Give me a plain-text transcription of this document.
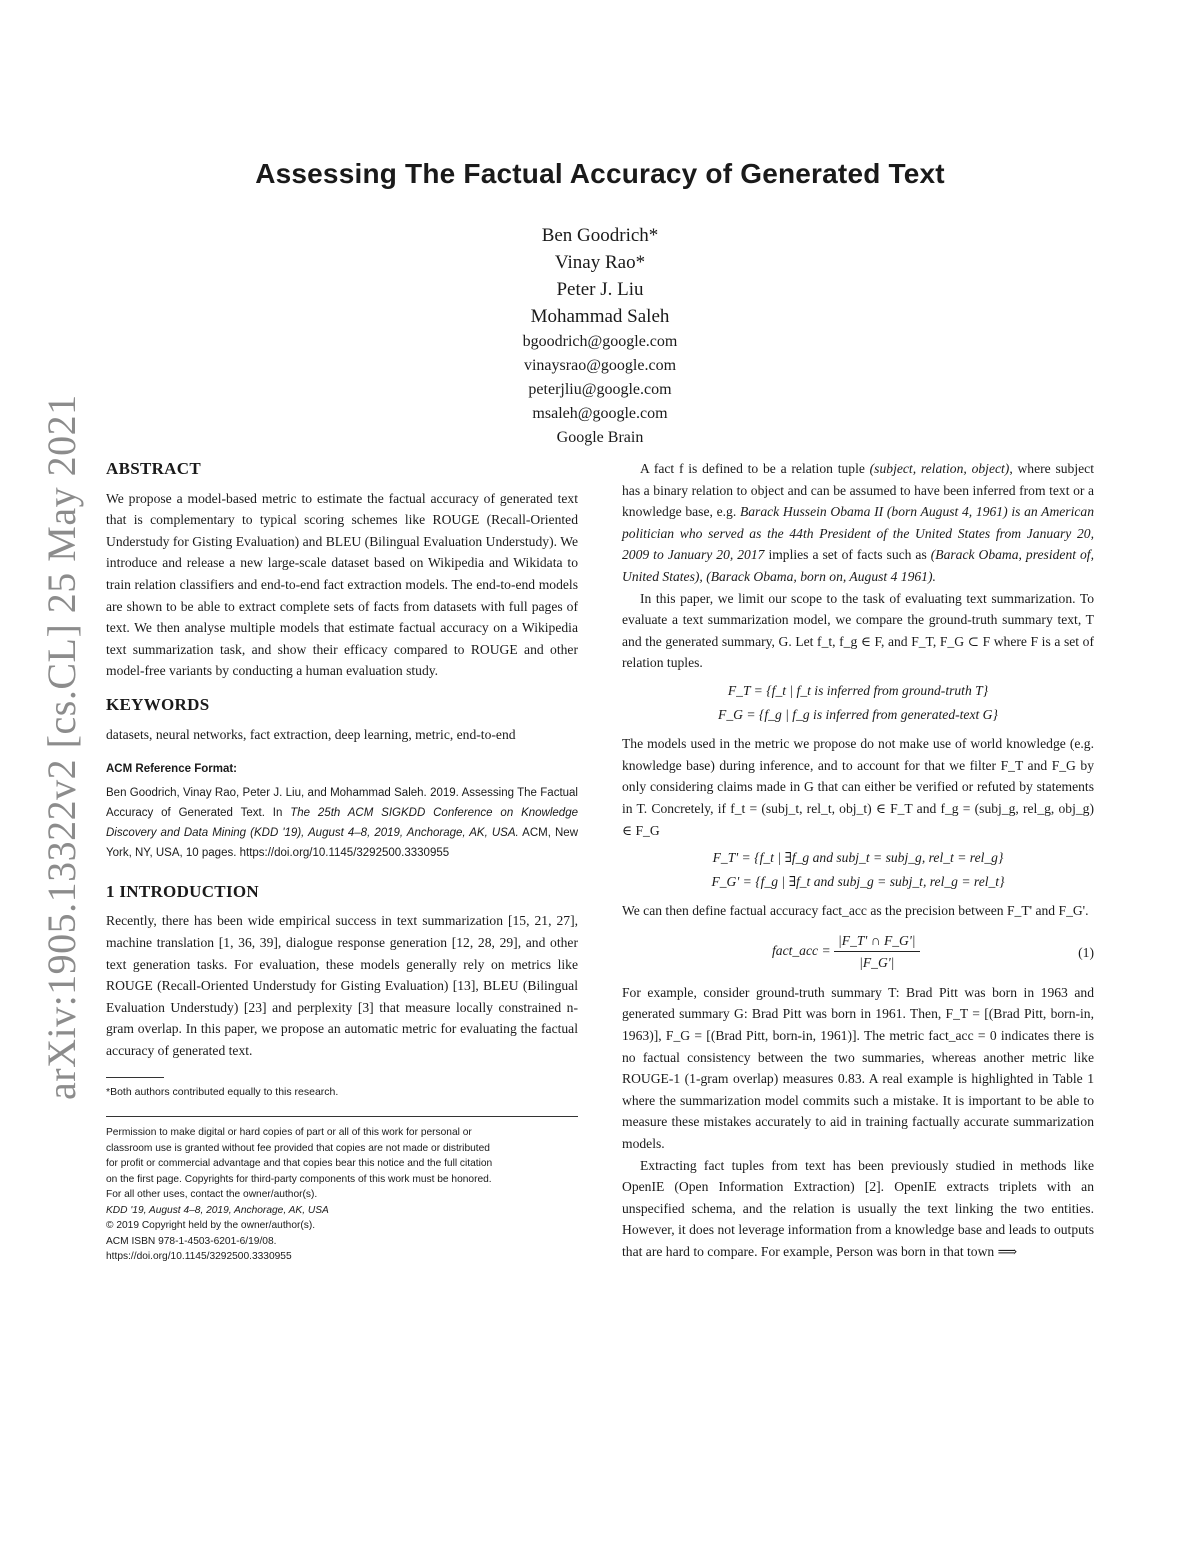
arXiv:1905.13322v2 [cs.CL] 25 May 2021
Assessing The Factual Accuracy of Generated Text
Ben Goodrich*
Vinay Rao*
Peter J. Liu
Mohammad Saleh
bgoodrich@google.com
vinaysrao@google.com
peterjliu@google.com
msaleh@google.com
Google Brain
ABSTRACT

We propose a model-based metric to estimate the factual accuracy of generated text that is complementary to typical scoring schemes like ROUGE (Recall-Oriented Understudy for Gisting Evaluation) and BLEU (Bilingual Evaluation Understudy). We introduce and release a new large-scale dataset based on Wikipedia and Wikidata to train relation classifiers and end-to-end fact extraction models. The end-to-end models are shown to be able to extract complete sets of facts from datasets with full pages of text. We then analyse multiple models that estimate factual accuracy on a Wikipedia text summarization task, and show their efficacy compared to ROUGE and other model-free variants by conducting a human evaluation study.

KEYWORDS

datasets, neural networks, fact extraction, deep learning, metric, end-to-end

ACM Reference Format:

Ben Goodrich, Vinay Rao, Peter J. Liu, and Mohammad Saleh. 2019. Assessing The Factual Accuracy of Generated Text. In The 25th ACM SIGKDD Conference on Knowledge Discovery and Data Mining (KDD '19), August 4–8, 2019, Anchorage, AK, USA. ACM, New York, NY, USA, 10 pages. https://doi.org/10.1145/3292500.3330955

1 INTRODUCTION

Recently, there has been wide empirical success in text summarization [15, 21, 27], machine translation [1, 36, 39], dialogue response generation [12, 28, 29], and other text generation tasks. For evaluation, these models generally rely on metrics like ROUGE (Recall-Oriented Understudy for Gisting Evaluation) [13], BLEU (Bilingual Evaluation Understudy) [23] and perplexity [3] that measure locally constrained n-gram overlap. In this paper, we propose an automatic metric for evaluating the factual accuracy of generated text.

*Both authors contributed equally to this research.
Permission to make digital or hard copies of part or all of this work for personal or
classroom use is granted without fee provided that copies are not made or distributed
for profit or commercial advantage and that copies bear this notice and the full citation
on the first page. Copyrights for third-party components of this work must be honored.
For all other uses, contact the owner/author(s).
KDD '19, August 4–8, 2019, Anchorage, AK, USA
© 2019 Copyright held by the owner/author(s).
ACM ISBN 978-1-4503-6201-6/19/08.
https://doi.org/10.1145/3292500.3330955

A fact f is defined to be a relation tuple (subject, relation, object), where subject has a binary relation to object and can be assumed to have been inferred from text or a knowledge base, e.g. Barack Hussein Obama II (born August 4, 1961) is an American politician who served as the 44th President of the United States from January 20, 2009 to January 20, 2017 implies a set of facts such as (Barack Obama, president of, United States), (Barack Obama, born on, August 4 1961).

In this paper, we limit our scope to the task of evaluating text summarization. To evaluate a text summarization model, we compare the ground-truth summary text, T and the generated summary, G. Let f_t, f_g ∈ F, and F_T, F_G ⊂ F where F is a set of relation tuples.

F_T = {f_t | f_t is inferred from ground-truth T}
F_G = {f_g | f_g is inferred from generated-text G}

The models used in the metric we propose do not make use of world knowledge (e.g. knowledge base) during inference, and to account for that we filter F_T and F_G by only considering claims made in G that can either be verified or refuted by statements in T. Concretely, if f_t = (subj_t, rel_t, obj_t) ∈ F_T and f_g = (subj_g, rel_g, obj_g) ∈ F_G

F_T' = {f_t | ∃f_g and subj_t = subj_g, rel_t = rel_g}
F_G' = {f_g | ∃f_t and subj_g = subj_t, rel_g = rel_t}

We can then define factual accuracy fact_acc as the precision between F_T' and F_G'.

fact_acc = $\frac{|F\_T' \cap F\_G'|}{|F\_G'|}$	(1)

For example, consider ground-truth summary T: Brad Pitt was born in 1963 and generated summary G: Brad Pitt was born in 1961. Then, F_T = [(Brad Pitt, born-in, 1963)], F_G = [(Brad Pitt, born-in, 1961)]. The metric fact_acc = 0 indicates there is no factual consistency between the two summaries, whereas another metric like ROUGE-1 (1-gram overlap) measures 0.83. A real example is highlighted in Table 1 where the summarization model commits such a mistake. It is important to be able to measure these mistakes accurately to aid in training factually accurate summarization models.

Extracting fact tuples from text has been previously studied in methods like OpenIE (Open Information Extraction) [2]. OpenIE extracts triplets with an unspecified schema, and the relation is usually the text linking the two entities. However, it does not leverage information from a knowledge base and leads to outputs that are hard to compare. For example, Person was born in that town ⟹
